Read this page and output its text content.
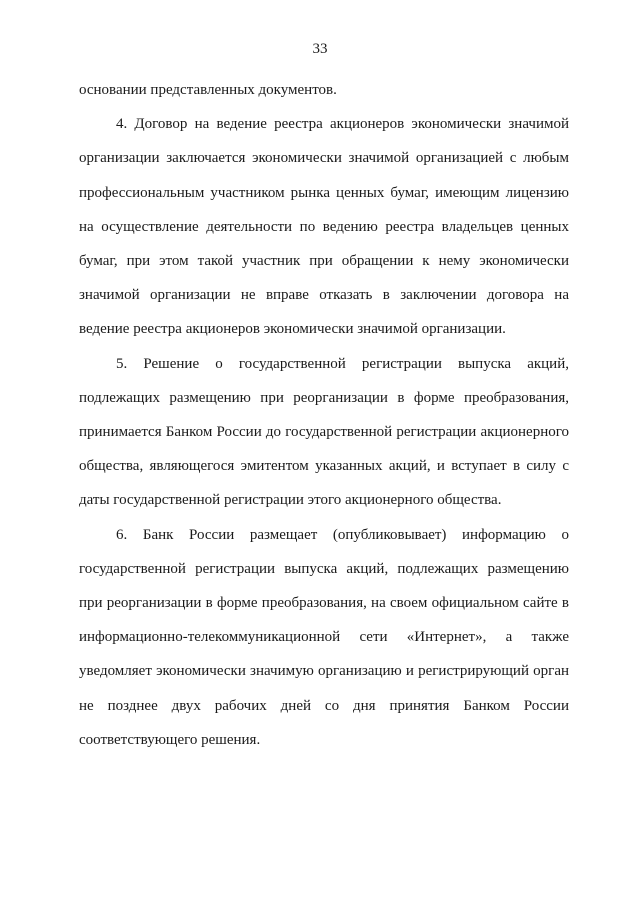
33

основании представленных документов.

4. Договор на ведение реестра акционеров экономически значимой организации заключается экономически значимой организацией с любым профессиональным участником рынка ценных бумаг, имеющим лицензию на осуществление деятельности по ведению реестра владельцев ценных бумаг, при этом такой участник при обращении к нему экономически значимой организации не вправе отказать в заключении договора на ведение реестра акционеров экономически значимой организации.

5. Решение о государственной регистрации выпуска акций, подлежащих размещению при реорганизации в форме преобразования, принимается Банком России до государственной регистрации акционерного общества, являющегося эмитентом указанных акций, и вступает в силу с даты государственной регистрации этого акционерного общества.

6. Банк России размещает (опубликовывает) информацию о государственной регистрации выпуска акций, подлежащих размещению при реорганизации в форме преобразования, на своем официальном сайте в информационно-телекоммуникационной сети «Интернет», а также уведомляет экономически значимую организацию и регистрирующий орган не позднее двух рабочих дней со дня принятия Банком России соответствующего решения.
